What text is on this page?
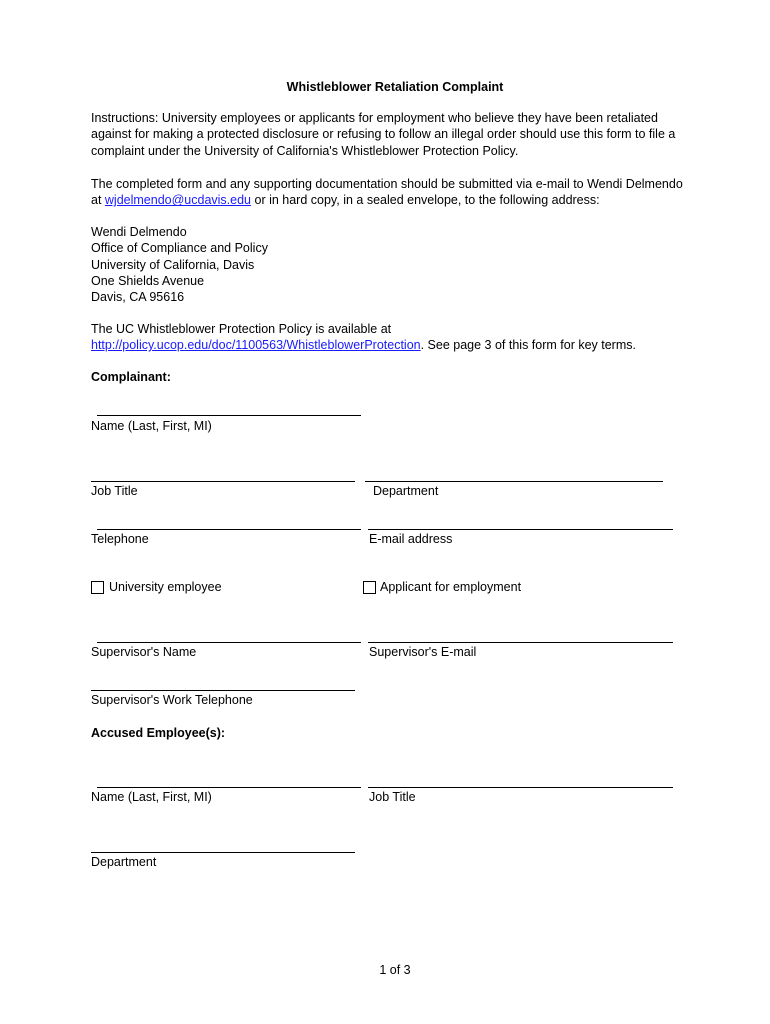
Whistleblower Retaliation Complaint
Instructions: University employees or applicants for employment who believe they have been retaliated
against for making a protected disclosure or refusing to follow an illegal order should use this form to file a
complaint under the University of California's Whistleblower Protection Policy.
The completed form and any supporting documentation should be submitted via e-mail to Wendi Delmendo
at wjdelmendo@ucdavis.edu or in hard copy, in a sealed envelope, to the following address:
Wendi Delmendo
Office of Compliance and Policy
University of California, Davis
One Shields Avenue
Davis, CA 95616
The UC Whistleblower Protection Policy is available at
http://policy.ucop.edu/doc/1100563/WhistleblowerProtection. See page 3 of this form for key terms.
Complainant:
Name (Last, First, MI)
Job Title	Department
Telephone	E-mail address
University employee	Applicant for employment
Supervisor's Name	Supervisor's E-mail
Supervisor's Work Telephone
Accused Employee(s):
Name (Last, First, MI)	Job Title
Department
1 of 3
